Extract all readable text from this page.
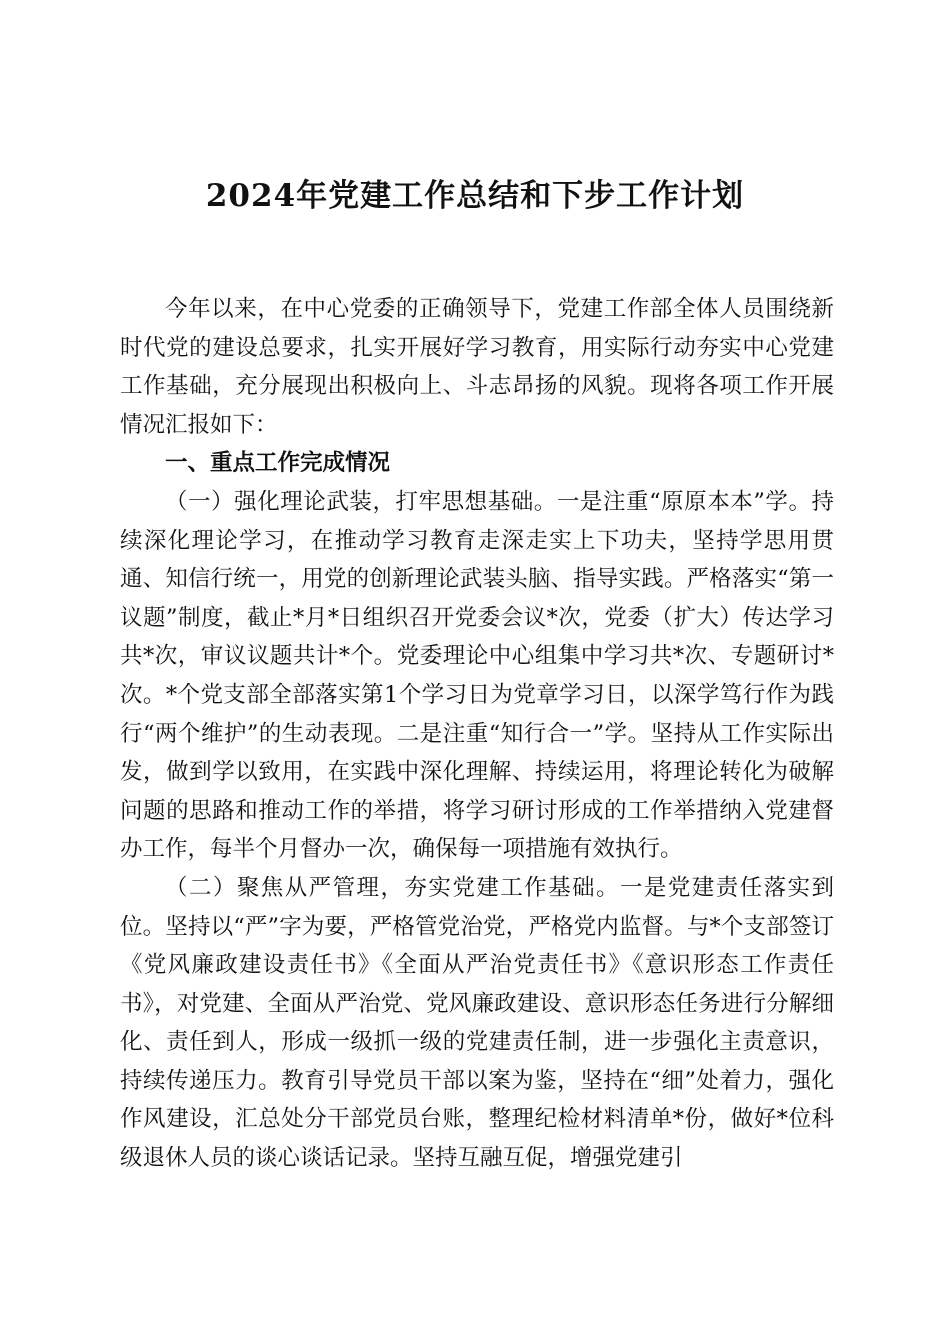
2024年党建工作总结和下步工作计划

今年以来，在中心党委的正确领导下，党建工作部全体人员围绕新时代党的建设总要求，扎实开展好学习教育，用实际行动夯实中心党建工作基础，充分展现出积极向上、斗志昂扬的风貌。现将各项工作开展情况汇报如下：

一、重点工作完成情况

（一）强化理论武装，打牢思想基础。一是注重“原原本本”学。持续深化理论学习，在推动学习教育走深走实上下功夫，坚持学思用贯通、知信行统一，用党的创新理论武装头脑、指导实践。严格落实“第一议题”制度，截止*月*日组织召开党委会议*次，党委（扩大）传达学习共*次，审议议题共计*个。党委理论中心组集中学习共*次、专题研讨*次。*个党支部全部落实第1个学习日为党章学习日，以深学笃行作为践行“两个维护”的生动表现。二是注重“知行合一”学。坚持从工作实际出发，做到学以致用，在实践中深化理解、持续运用，将理论转化为破解问题的思路和推动工作的举措，将学习研讨形成的工作举措纳入党建督办工作，每半个月督办一次，确保每一项措施有效执行。

（二）聚焦从严管理，夯实党建工作基础。一是党建责任落实到位。坚持以“严”字为要，严格管党治党，严格党内监督。与*个支部签订《党风廉政建设责任书》《全面从严治党责任书》《意识形态工作责任书》，对党建、全面从严治党、党风廉政建设、意识形态任务进行分解细化、责任到人，形成一级抓一级的党建责任制，进一步强化主责意识，持续传递压力。教育引导党员干部以案为鉴，坚持在“细”处着力，强化作风建设，汇总处分干部党员台账，整理纪检材料清单*份，做好*位科级退休人员的谈心谈话记录。坚持互融互促，增强党建引
